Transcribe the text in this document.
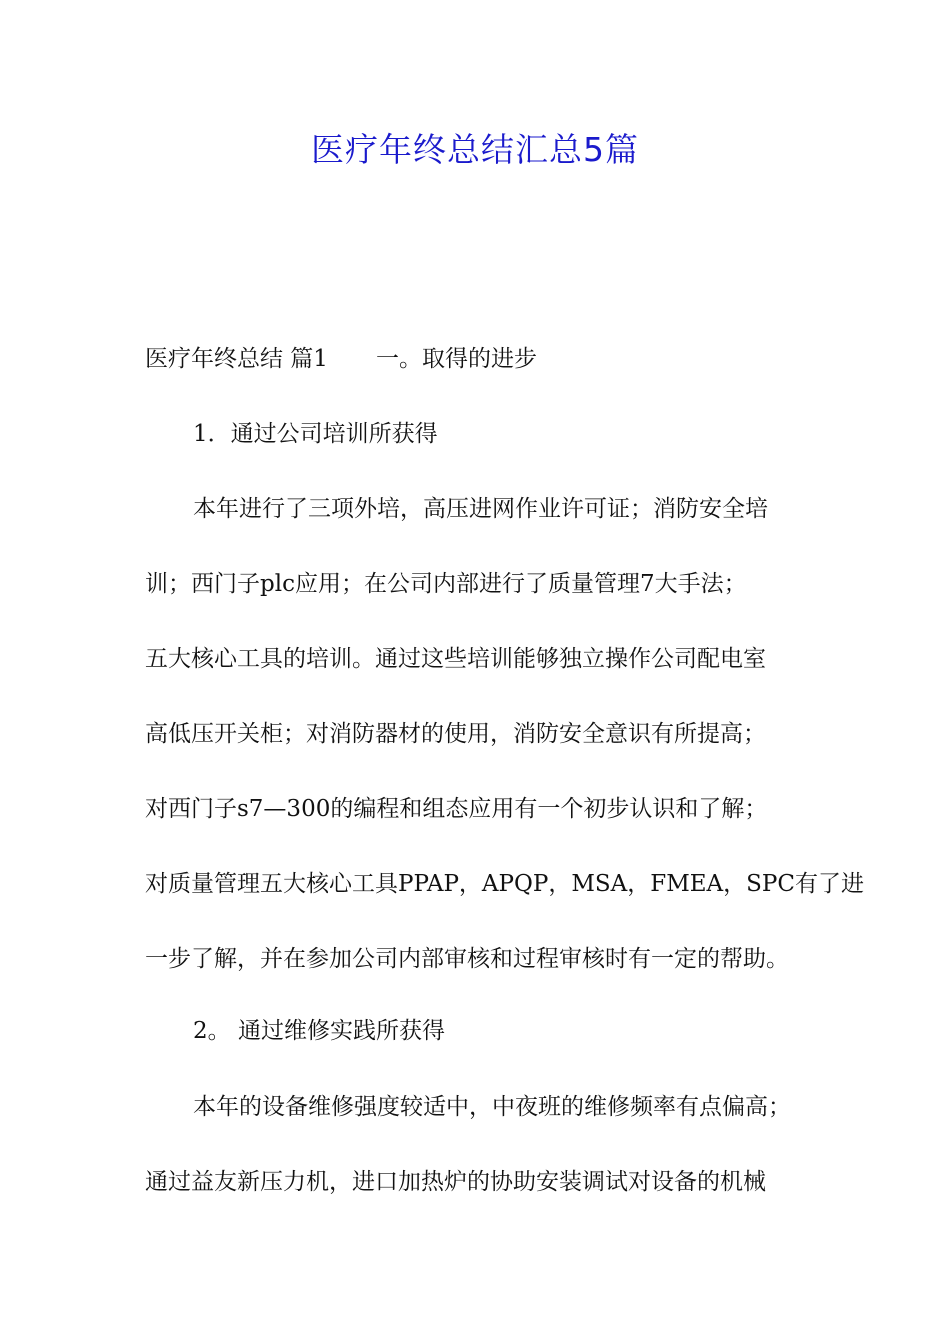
医疗年终总结汇总5篇
医疗年终总结 篇1 一。取得的进步
1．通过公司培训所获得
本年进行了三项外培，高压进网作业许可证；消防安全培
训；西门子plc应用；在公司内部进行了质量管理7大手法；
五大核心工具的培训。通过这些培训能够独立操作公司配电室
高低压开关柜；对消防器材的使用，消防安全意识有所提高；
对西门子s7—300的编程和组态应用有一个初步认识和了解；
对质量管理五大核心工具PPAP，APQP，MSA，FMEA，SPC有了进
一步了解，并在参加公司内部审核和过程审核时有一定的帮助。
2。 通过维修实践所获得
本年的设备维修强度较适中，中夜班的维修频率有点偏高；
通过益友新压力机，进口加热炉的协助安装调试对设备的机械
